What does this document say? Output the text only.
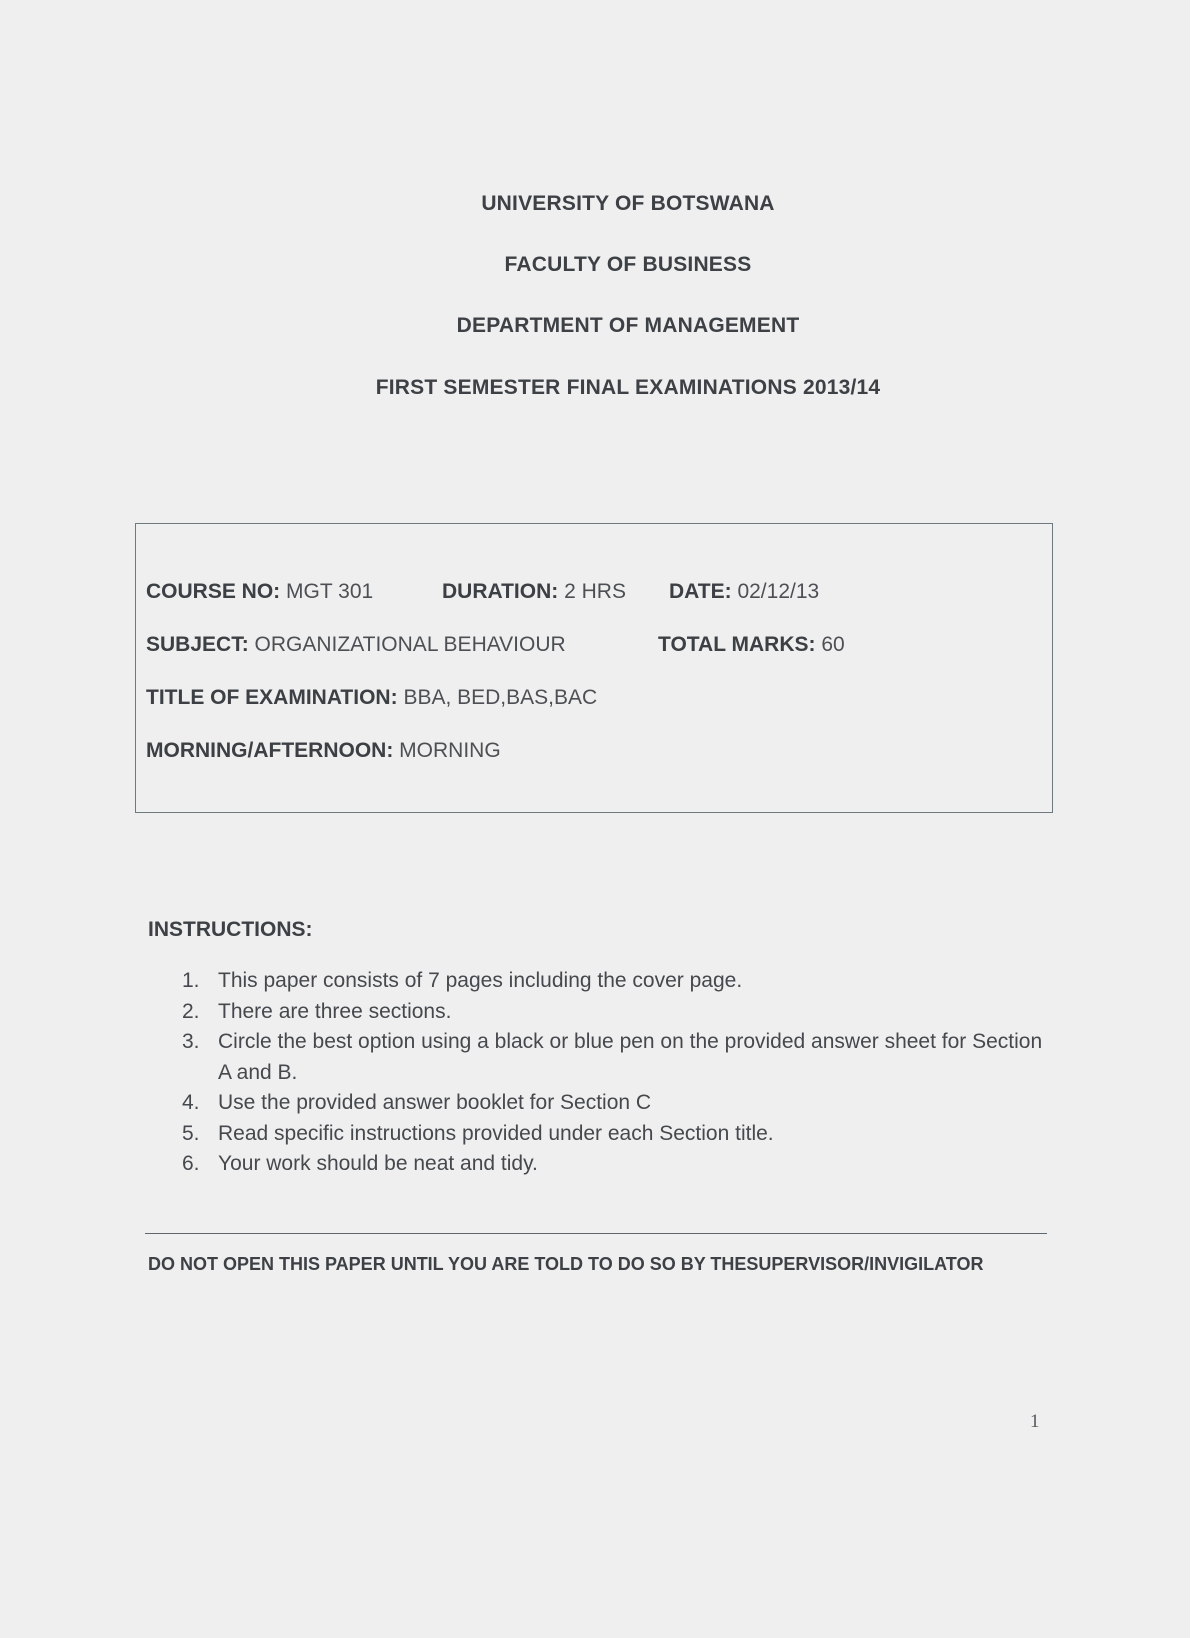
UNIVERSITY OF BOTSWANA
FACULTY OF BUSINESS
DEPARTMENT OF MANAGEMENT
FIRST SEMESTER FINAL EXAMINATIONS 2013/14
COURSE NO: MGT 301	DURATION: 2 HRS DATE: 02/12/13
SUBJECT: ORGANIZATIONAL BEHAVIOUR	TOTAL MARKS: 60
TITLE OF EXAMINATION: BBA, BED,BAS,BAC
MORNING/AFTERNOON: MORNING
INSTRUCTIONS:
1. This paper consists of 7 pages including the cover page.
2. There are three sections.
3. Circle the best option using a black or blue pen on the provided answer sheet for Section A and B.
4. Use the provided answer booklet for Section C
5. Read specific instructions provided under each Section title.
6. Your work should be neat and tidy.
DO NOT OPEN THIS PAPER UNTIL YOU ARE TOLD TO DO SO BY THESUPERVISOR/INVIGILATOR
1
